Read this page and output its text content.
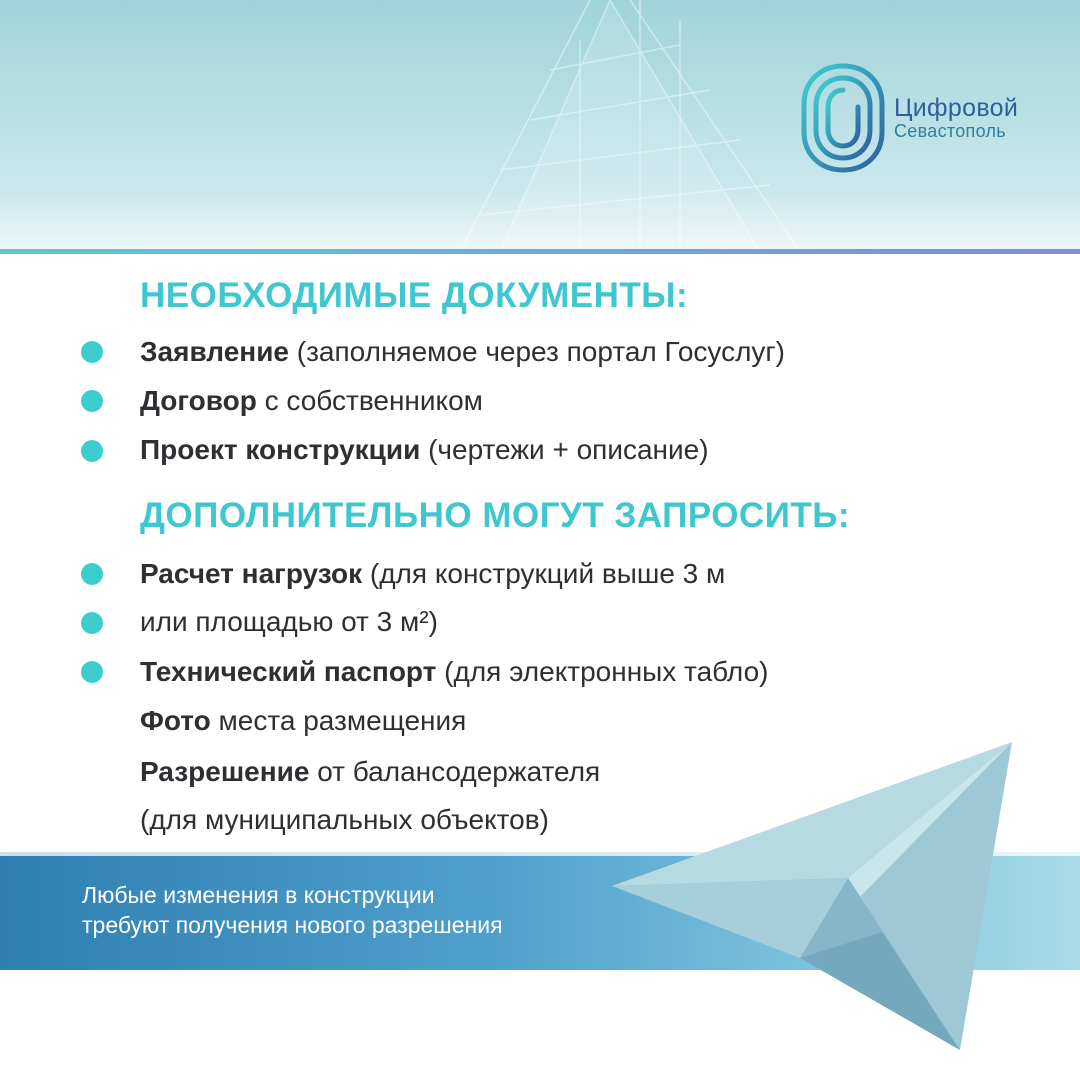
Цифровой
Севастополь
НЕОБХОДИМЫЕ ДОКУМЕНТЫ:
Заявление (заполняемое через портал Госуслуг)
Договор с собственником
Проект конструкции (чертежи + описание)
ДОПОЛНИТЕЛЬНО МОГУТ ЗАПРОСИТЬ:
Расчет нагрузок (для конструкций выше 3 м
или площадью от 3 м²)
Технический паспорт (для электронных табло)
Фото места размещения
Разрешение от балансодержателя
(для муниципальных объектов)
Любые изменения в конструкции
требуют получения нового разрешения
